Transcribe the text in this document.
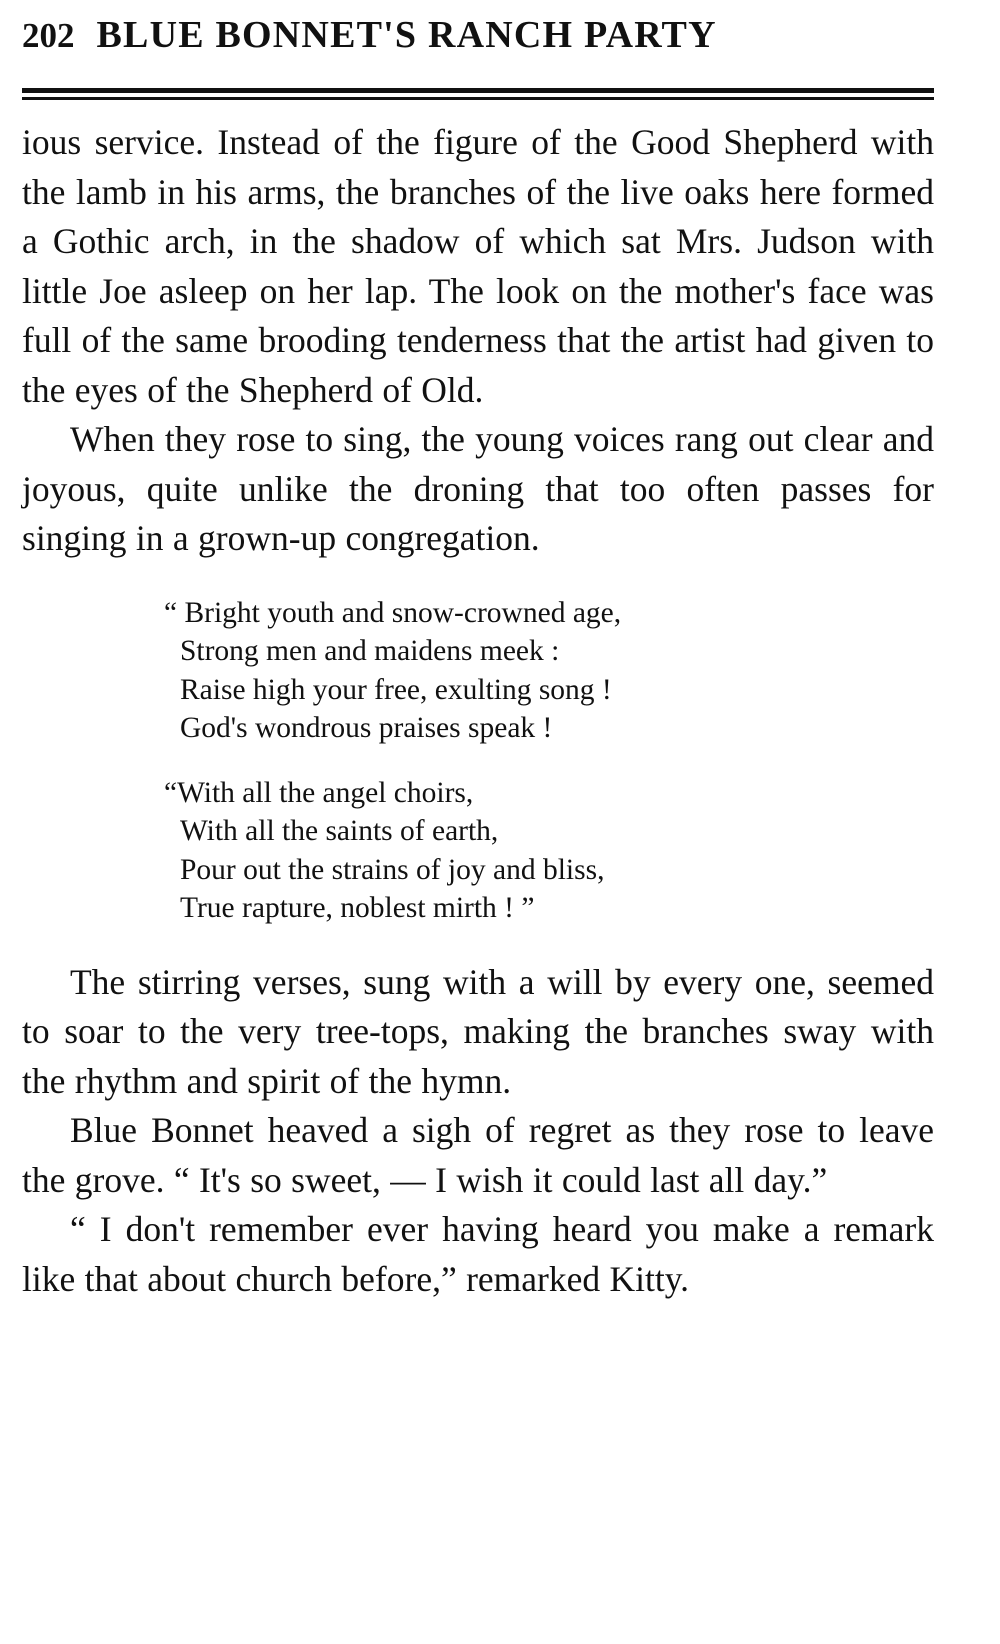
202 BLUE BONNET'S RANCH PARTY

ious service. Instead of the figure of the Good Shepherd with the lamb in his arms, the branches of the live oaks here formed a Gothic arch, in the shadow of which sat Mrs. Judson with little Joe asleep on her lap. The look on the mother's face was full of the same brooding tenderness that the artist had given to the eyes of the Shepherd of Old.

When they rose to sing, the young voices rang out clear and joyous, quite unlike the droning that too often passes for singing in a grown-up congregation.

“ Bright youth and snow-crowned age,
Strong men and maidens meek :
Raise high your free, exulting song !
God's wondrous praises speak !
“With all the angel choirs,
With all the saints of earth,
Pour out the strains of joy and bliss,
True rapture, noblest mirth ! ”

The stirring verses, sung with a will by every one, seemed to soar to the very tree-tops, making the branches sway with the rhythm and spirit of the hymn.

Blue Bonnet heaved a sigh of regret as they rose to leave the grove. “ It's so sweet, — I wish it could last all day.”

“ I don't remember ever having heard you make a remark like that about church before,” remarked Kitty.
